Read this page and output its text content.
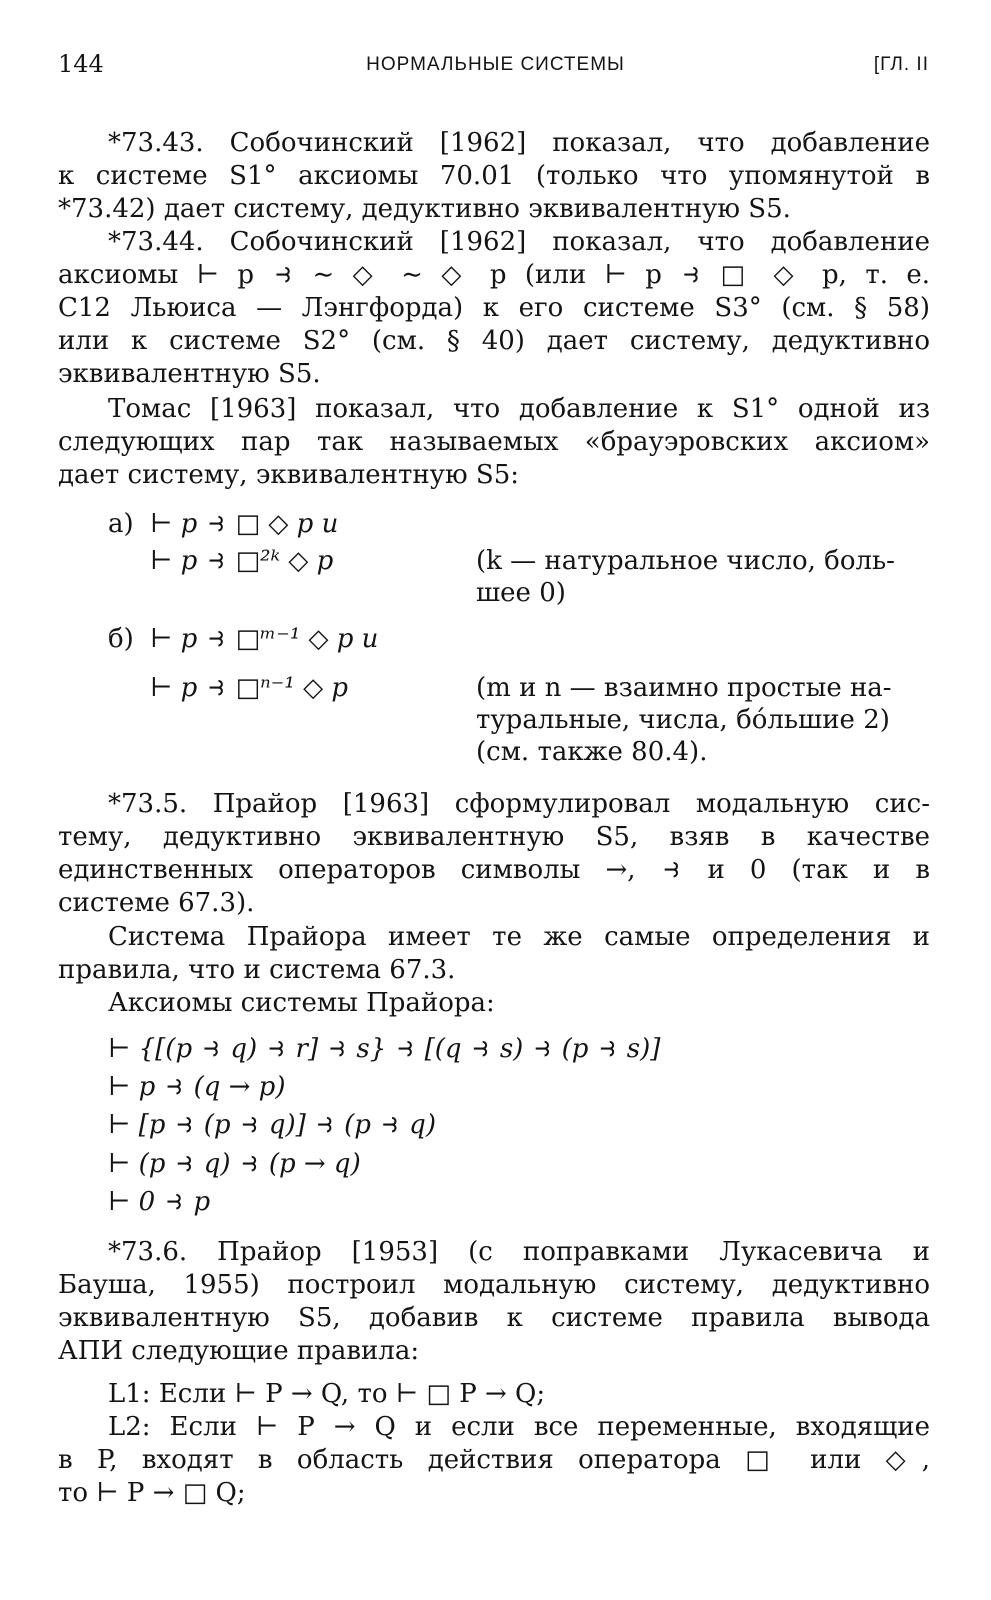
144	НОРМАЛЬНЫЕ СИСТЕМЫ	[ГЛ. II
*73.43. Собочинский [1962] показал, что добавление
к системе S1° аксиомы 70.01 (только что упомянутой в
*73.42) дает систему, дедуктивно эквивалентную S5.
*73.44. Собочинский [1962] показал, что добавление
аксиомы ⊢ p ⥽ ∼ ◇ ∼ ◇ p (или ⊢ p ⥽ □ ◇ p, т. е.
C12 Льюиса — Лэнгфорда) к его системе S3° (см. § 58)
или к системе S2° (см. § 40) дает систему, дедуктивно
эквивалентную S5.
Томас [1963] показал, что добавление к S1° одной из
следующих пар так называемых «брауэровских аксиом»
дает систему, эквивалентную S5:
а) ⊢ p ⥽ □ ◇ p и
⊢ p ⥽ □²ᵏ ◇ p	(k — натуральное число, боль-
шее 0)
б) ⊢ p ⥽ □ᵐ⁻¹ ◇ p и
⊢ p ⥽ □ⁿ⁻¹ ◇ p	(m и n — взаимно простые на-
туральные, числа, бóльшие 2)
(см. также 80.4).
*73.5. Прайор [1963] сформулировал модальную сис-
тему, дедуктивно эквивалентную S5, взяв в качестве
единственных операторов символы →, ⥽ и 0 (так и в
системе 67.3).
Система Прайора имеет те же самые определения и
правила, что и система 67.3.
Аксиомы системы Прайора:
⊢ {[(p ⥽ q) ⥽ r] ⥽ s} ⥽ [(q ⥽ s) ⥽ (p ⥽ s)]
⊢ p ⥽ (q → p)
⊢ [p ⥽ (p ⥽ q)] ⥽ (p ⥽ q)
⊢ (p ⥽ q) ⥽ (p → q)
⊢ 0 ⥽ p
*73.6. Прайор [1953] (с поправками Лукасевича и
Бауша, 1955) построил модальную систему, дедуктивно
эквивалентную S5, добавив к системе правила вывода
АПИ следующие правила:
L1: Если ⊢ P → Q, то ⊢ □ P → Q;
L2: Если ⊢ P → Q и если все переменные, входящие
в P, входят в область действия оператора □ или ◇,
то ⊢ P → □ Q;
